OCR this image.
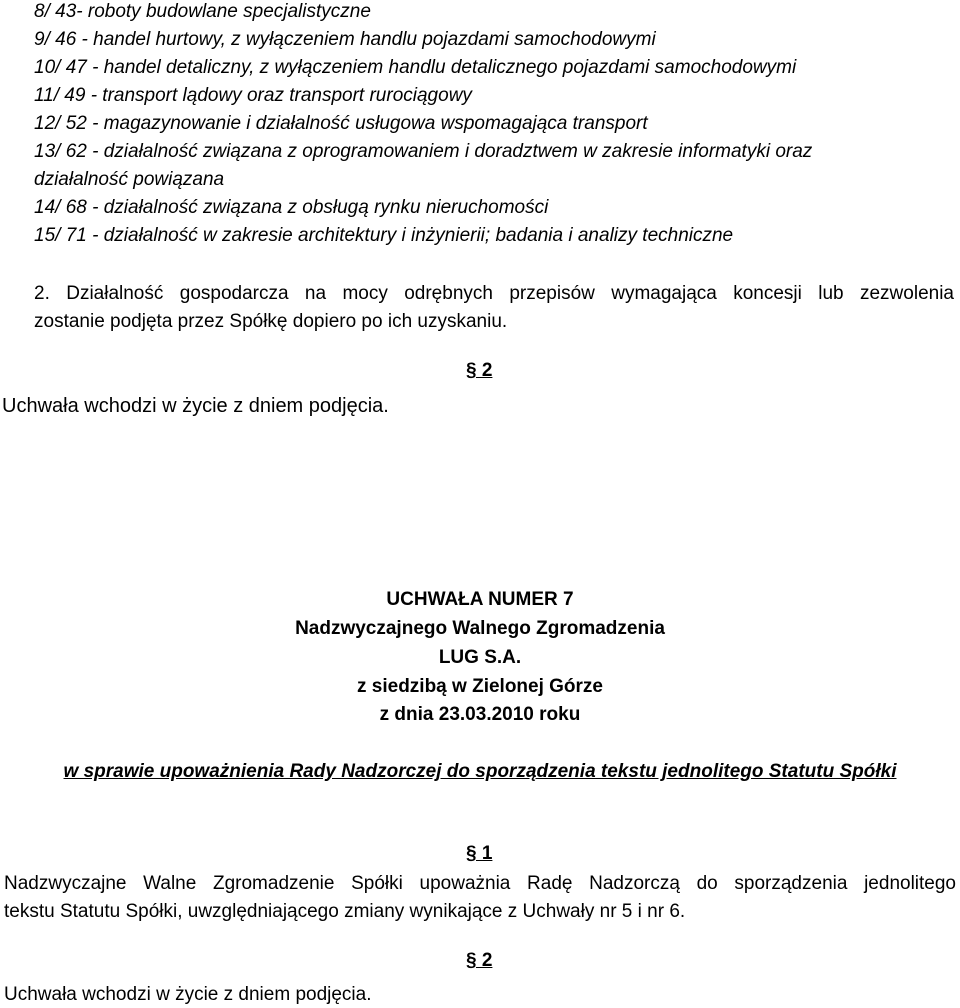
8/ 43- roboty budowlane specjalistyczne
9/ 46 - handel hurtowy, z wyłączeniem handlu pojazdami samochodowymi
10/ 47 - handel detaliczny, z wyłączeniem handlu detalicznego pojazdami samochodowymi
11/ 49 - transport lądowy oraz transport rurociągowy
12/ 52 - magazynowanie i działalność usługowa wspomagająca transport
13/ 62 - działalność związana z oprogramowaniem i doradztwem w zakresie informatyki oraz
działalność powiązana
14/ 68 - działalność związana z obsługą rynku nieruchomości
15/ 71 - działalność w zakresie architektury i inżynierii; badania i analizy techniczne
2. Działalność gospodarcza na mocy odrębnych przepisów wymagająca koncesji lub zezwolenia
zostanie podjęta przez Spółkę dopiero po ich uzyskaniu.
§ 2
Uchwała wchodzi w życie z dniem podjęcia.
UCHWAŁA NUMER 7
Nadzwyczajnego Walnego Zgromadzenia
LUG S.A.
z siedzibą w Zielonej Górze
z dnia 23.03.2010 roku
w sprawie upoważnienia Rady Nadzorczej do sporządzenia tekstu jednolitego Statutu Spółki
§ 1
Nadzwyczajne Walne Zgromadzenie Spółki upoważnia Radę Nadzorczą do sporządzenia jednolitego
tekstu Statutu Spółki, uwzględniającego zmiany wynikające z Uchwały nr 5 i nr 6.
§ 2
Uchwała wchodzi w życie z dniem podjęcia.
